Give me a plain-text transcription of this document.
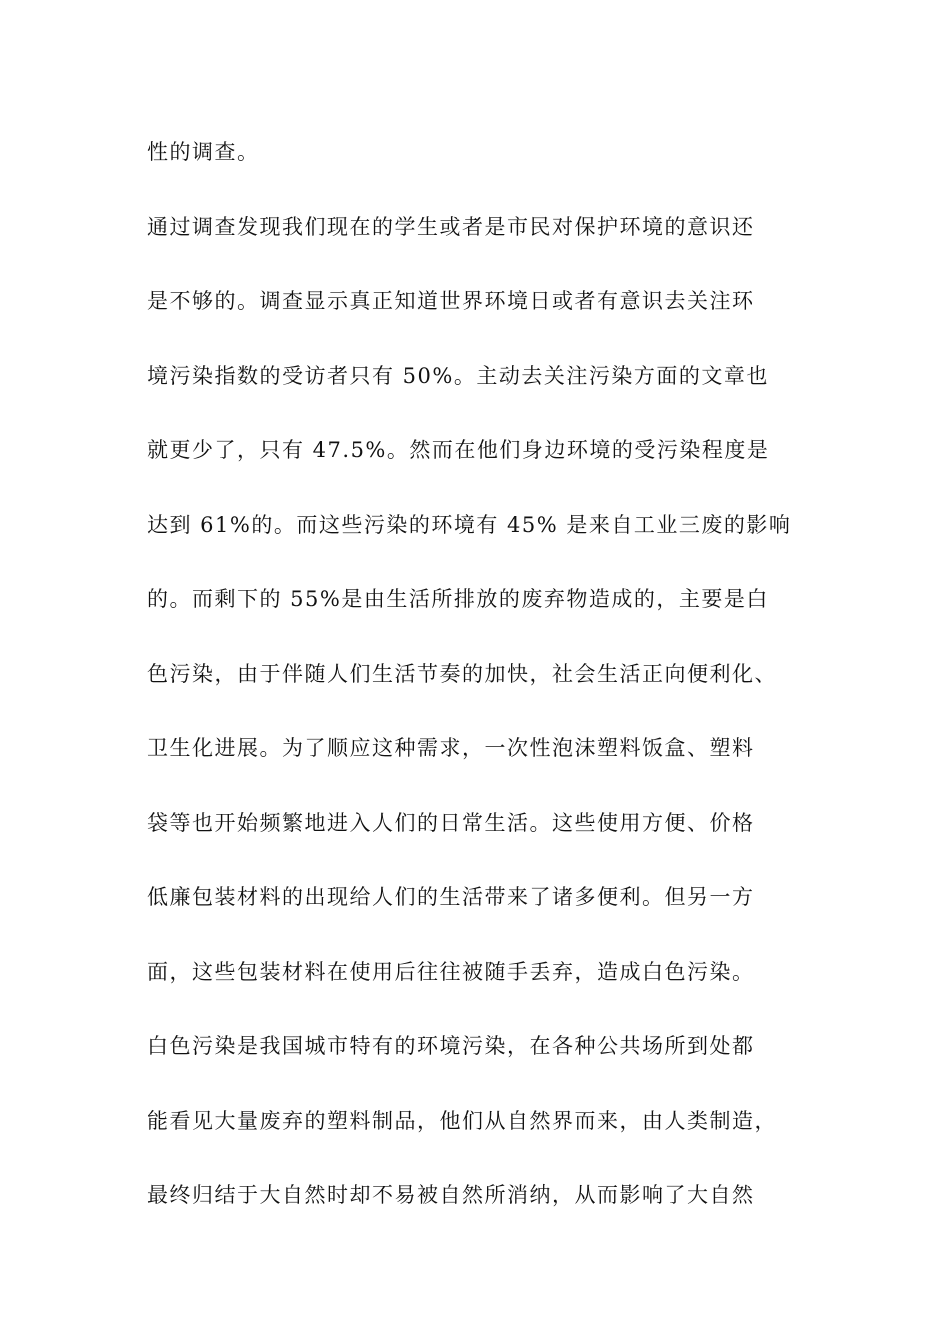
性的调查。
通过调查发现我们现在的学生或者是市民对保护环境的意识还
是不够的。调查显示真正知道世界环境日或者有意识去关注环
境污染指数的受访者只有 50%。主动去关注污染方面的文章也
就更少了，只有 47.5%。然而在他们身边环境的受污染程度是
达到 61%的。而这些污染的环境有 45% 是来自工业三废的影响
的。而剩下的 55%是由生活所排放的废弃物造成的，主要是白
色污染，由于伴随人们生活节奏的加快，社会生活正向便利化、
卫生化进展。为了顺应这种需求，一次性泡沫塑料饭盒、塑料
袋等也开始频繁地进入人们的日常生活。这些使用方便、价格
低廉包装材料的出现给人们的生活带来了诸多便利。但另一方
面，这些包装材料在使用后往往被随手丢弃，造成白色污染。
白色污染是我国城市特有的环境污染，在各种公共场所到处都
能看见大量废弃的塑料制品，他们从自然界而来，由人类制造，
最终归结于大自然时却不易被自然所消纳，从而影响了大自然
